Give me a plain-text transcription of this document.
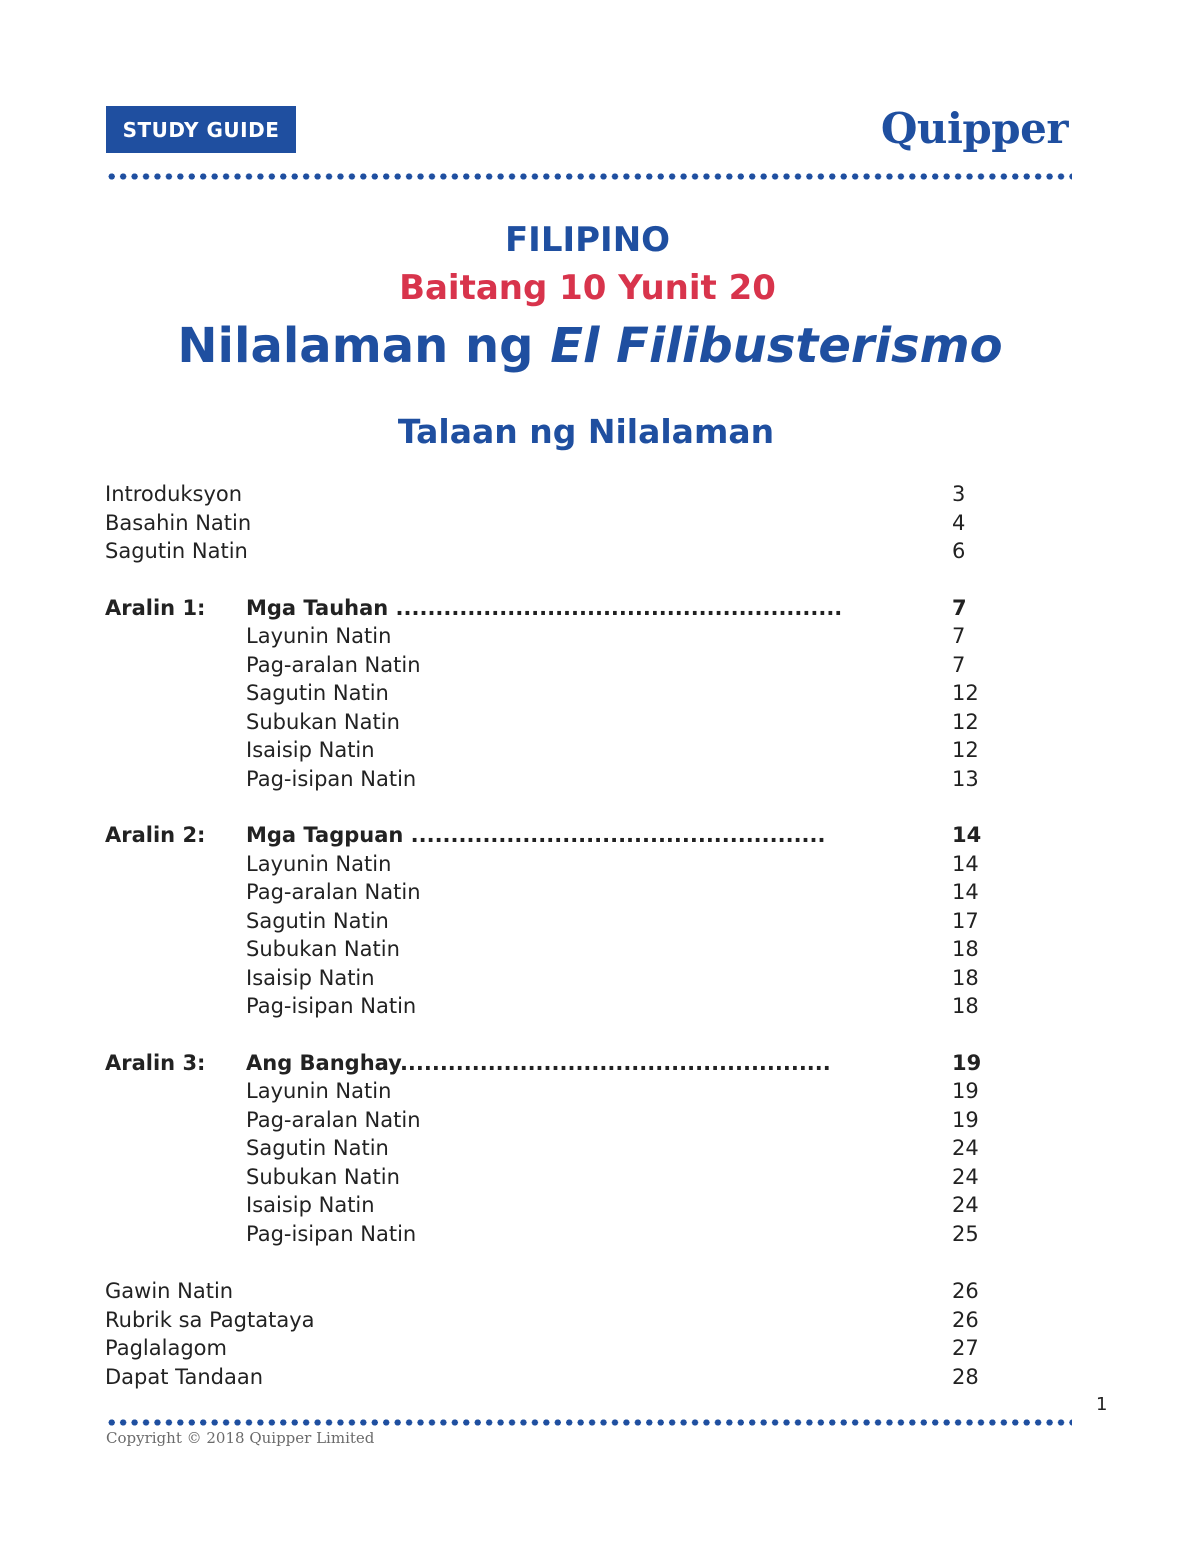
STUDY GUIDE	Quipper
FILIPINO
Baitang 10 Yunit 20
Nilalaman ng El Filibusterismo
Talaan ng Nilalaman
Introduksyon	3
Basahin Natin	4
Sagutin Natin	6
Aralin 1: Mga Tauhan ........................................................	7
Layunin Natin	7
Pag-aralan Natin	7
Sagutin Natin	12
Subukan Natin	12
Isaisip Natin	12
Pag-isipan Natin	13
Aralin 2: Mga Tagpuan ....................................................	14
Layunin Natin	14
Pag-aralan Natin	14
Sagutin Natin	17
Subukan Natin	18
Isaisip Natin	18
Pag-isipan Natin	18
Aralin 3: Ang Banghay......................................................	19
Layunin Natin	19
Pag-aralan Natin	19
Sagutin Natin	24
Subukan Natin	24
Isaisip Natin	24
Pag-isipan Natin	25
Gawin Natin	26
Rubrik sa Pagtataya	26
Paglalagom	27
Dapat Tandaan	28
1
Copyright © 2018 Quipper Limited
